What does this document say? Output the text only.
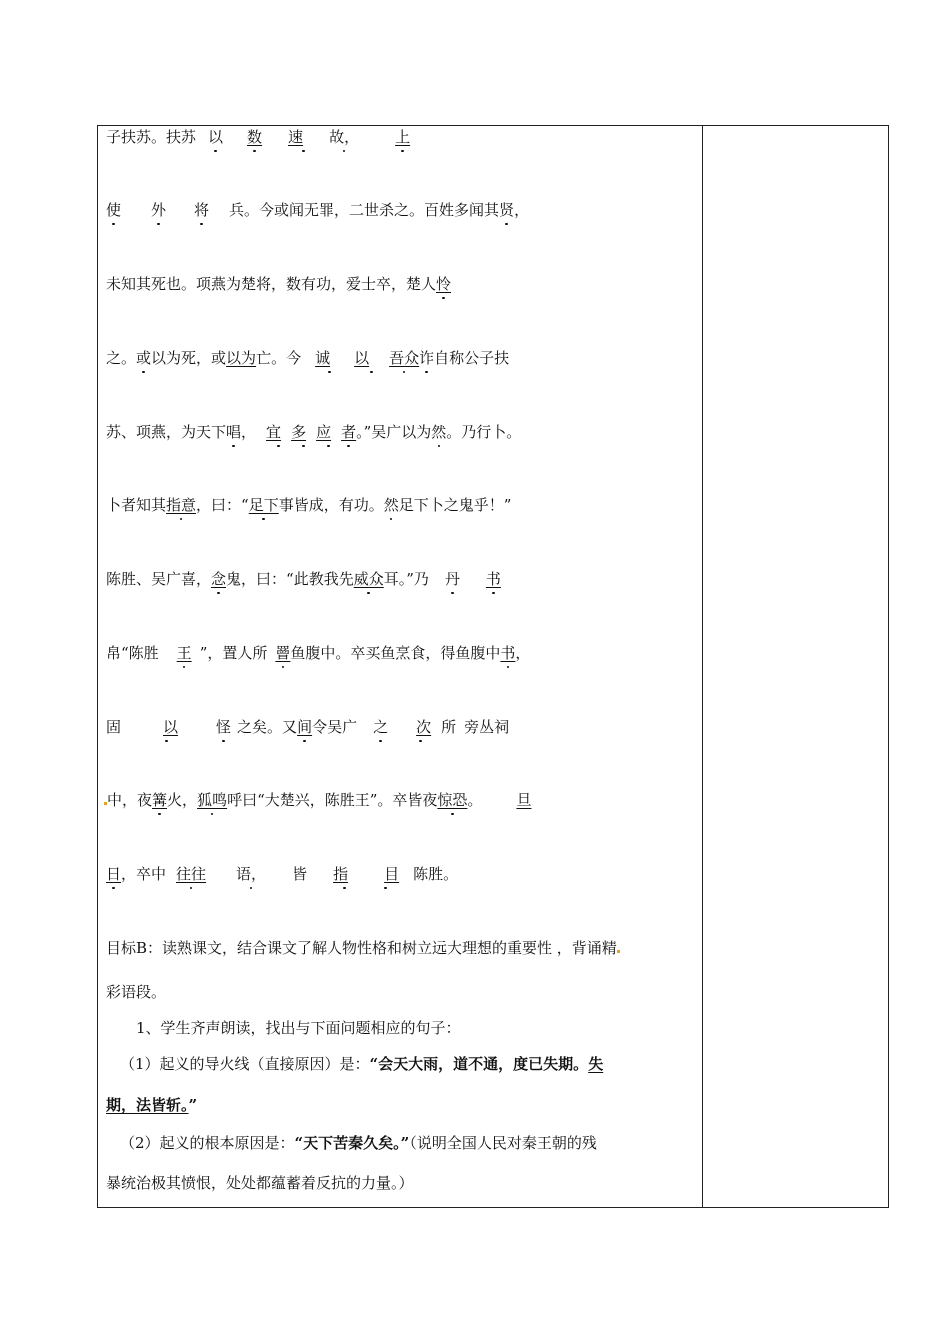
子扶苏。扶苏 以 数 速 故， 上
使 外 将 兵。今或闻无罪，二世杀之。百姓多闻其贤，
未知其死也。项燕为楚将，数有功，爱士卒，楚人怜
之。或以为死，或以为亡。今 诚 以 吾众诈自称公子扶
苏、项燕，为天下唱， 宜 多 应 者。”吴广以为然。乃行卜。
卜者知其指意，曰：“足下事皆成，有功。然足下卜之鬼乎！”
陈胜、吴广喜，念鬼，曰：“此教我先威众耳。”乃 丹 书
帛“陈胜 王 ”，置人所 罾鱼腹中。卒买鱼烹食，得鱼腹中书，
固	以	怪 之矣。又间令吴广 之 次 所 旁丛祠
中，夜篝火，狐鸣呼曰“大楚兴，陈胜王”。卒皆夜惊恐。 旦
日，卒中 往往 语， 皆 指 目 陈胜。
目标B：读熟课文，结合课文了解人物性格和树立远大理想的重要性 ，背诵精
彩语段。
1、学生齐声朗读，找出与下面问题相应的句子：
（1）起义的导火线（直接原因）是：“会天大雨，道不通，度已失期。失
期，法皆斩。”
（2）起义的根本原因是：“天下苦秦久矣。”（说明全国人民对秦王朝的残
暴统治极其愤恨，处处都蕴蓄着反抗的力量。）
